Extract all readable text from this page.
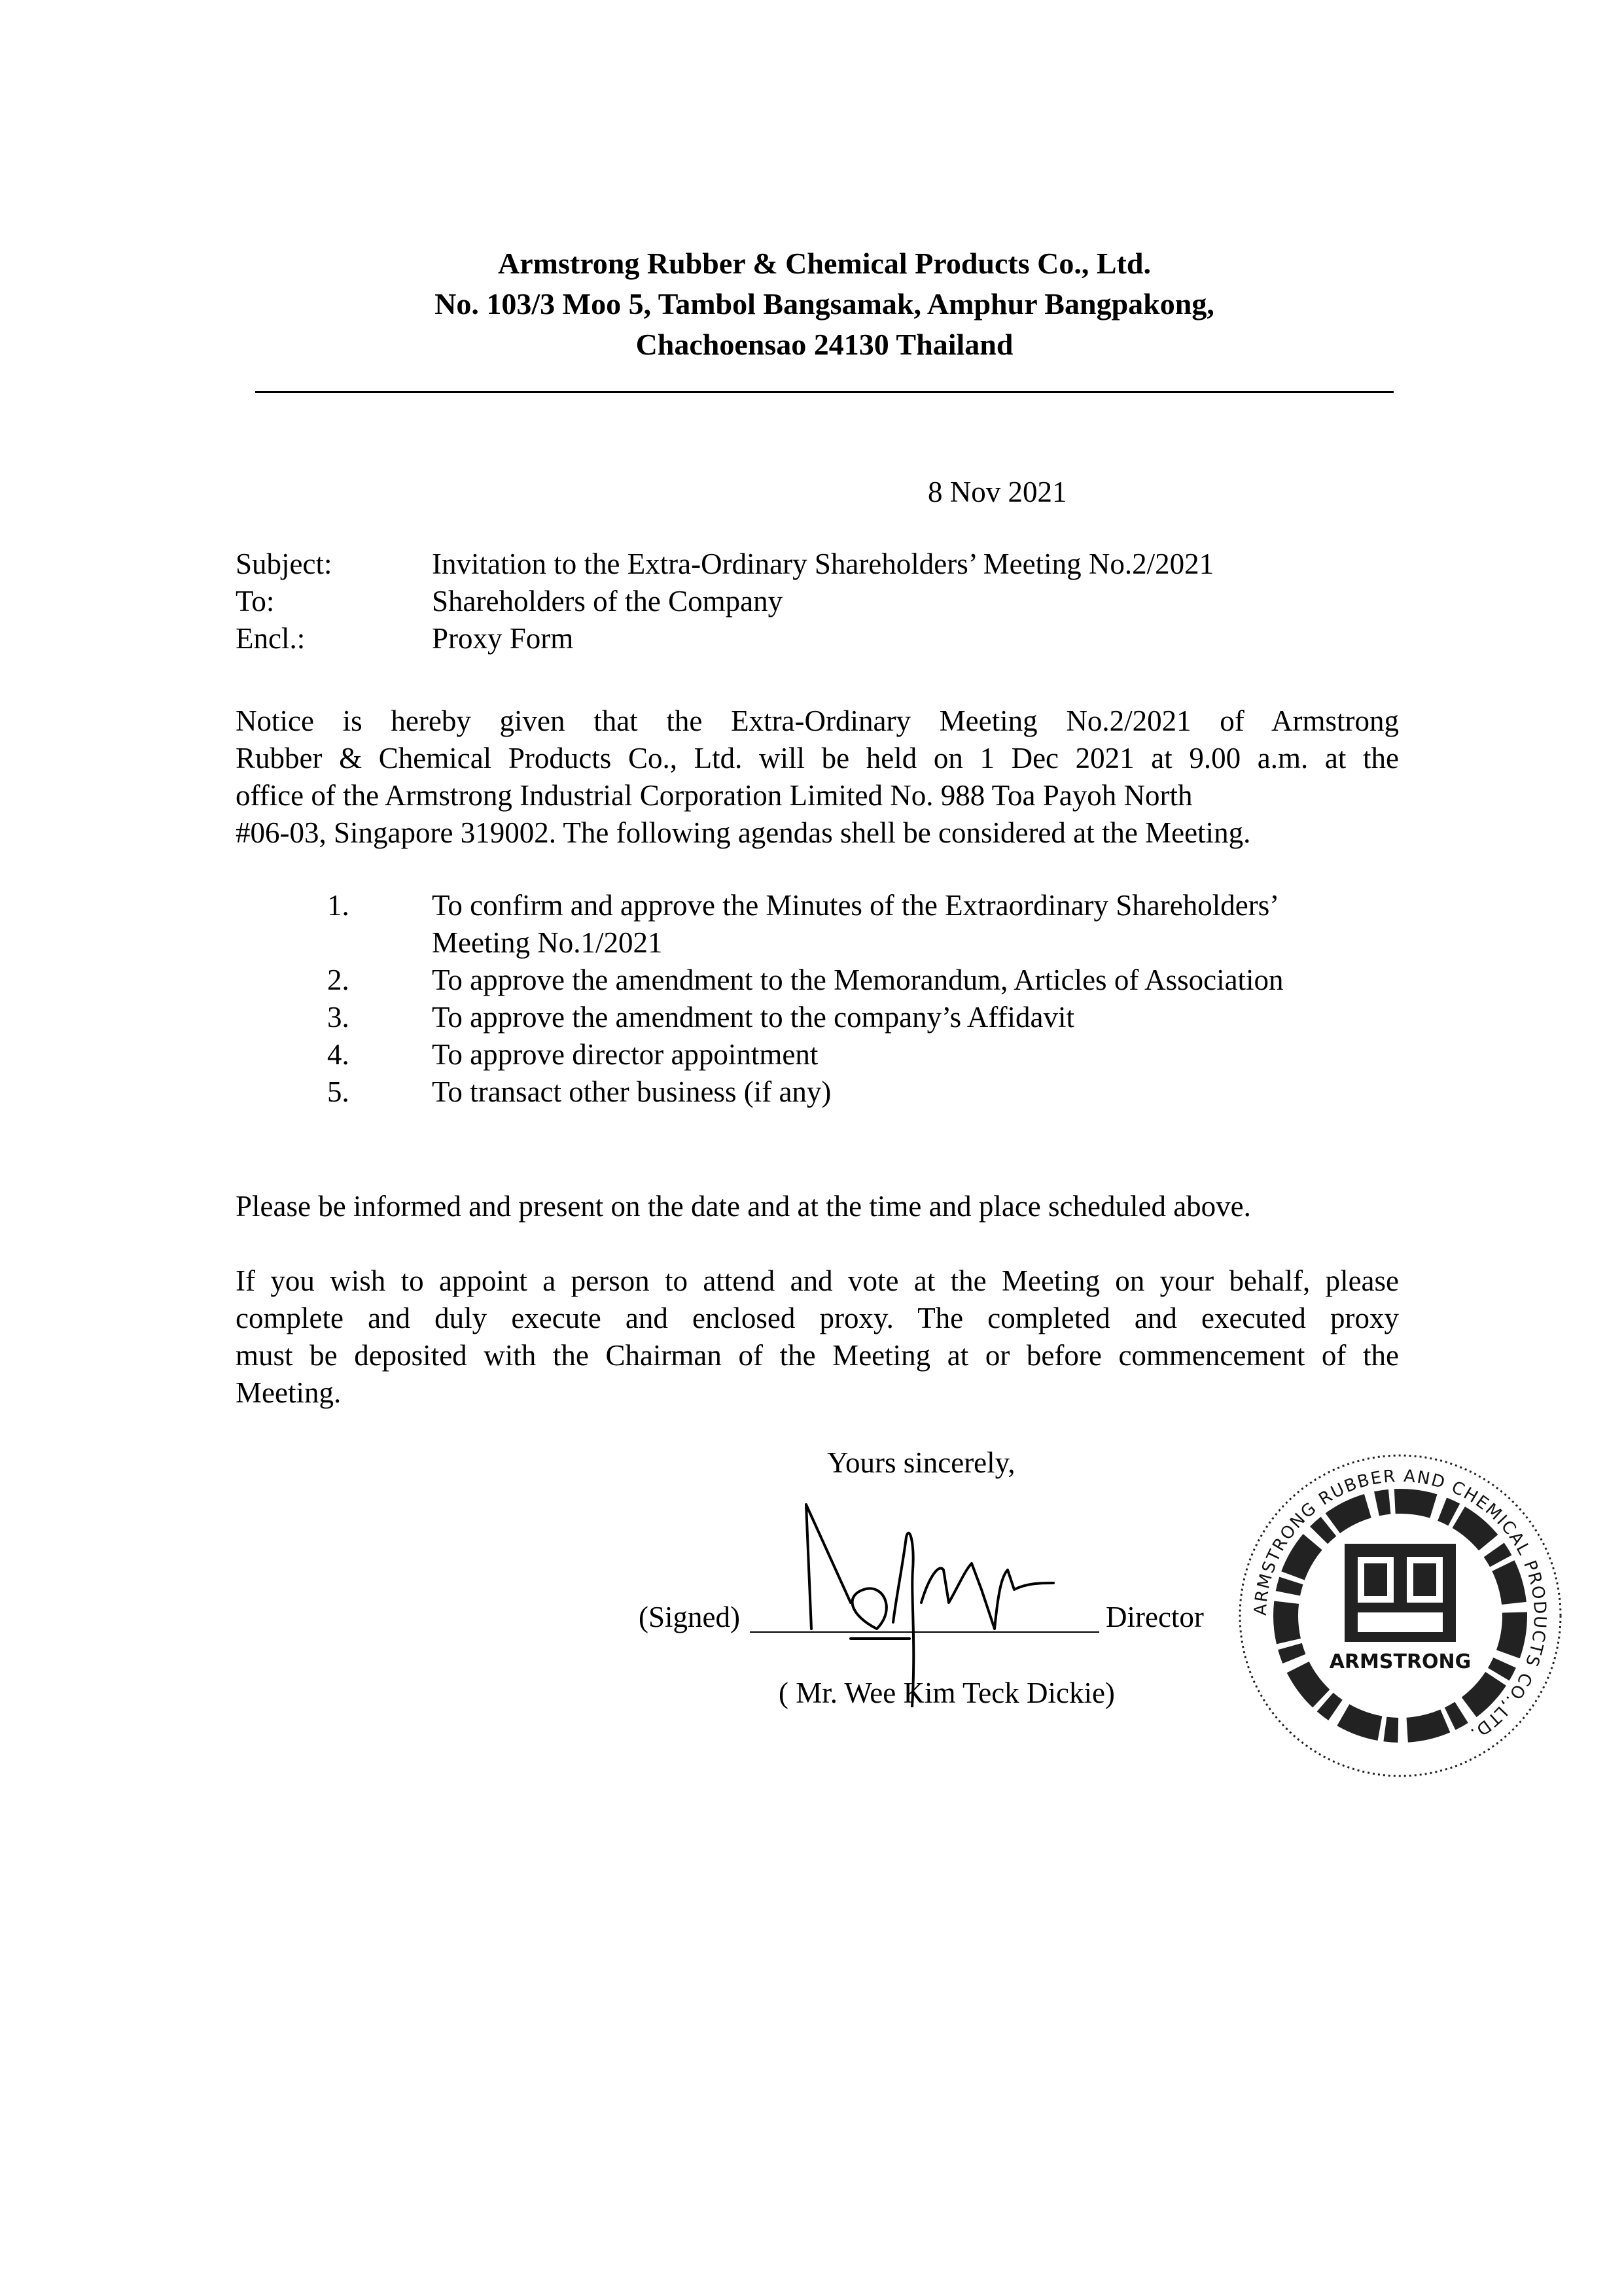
Armstrong Rubber & Chemical Products Co., Ltd.
No. 103/3 Moo 5, Tambol Bangsamak, Amphur Bangpakong,
Chachoensao 24130 Thailand
8 Nov 2021
Subject:	Invitation to the Extra-Ordinary Shareholders’ Meeting No.2/2021
To:	Shareholders of the Company
Encl.:	Proxy Form
Notice is hereby given that the Extra-Ordinary Meeting No.2/2021 of Armstrong
Rubber & Chemical Products Co., Ltd. will be held on 1 Dec 2021 at 9.00 a.m. at the
office of the Armstrong Industrial Corporation Limited No. 988 Toa Payoh North
#06-03, Singapore 319002. The following agendas shell be considered at the Meeting.
1.	To confirm and approve the Minutes of the Extraordinary Shareholders’
Meeting No.1/2021
2.	To approve the amendment to the Memorandum, Articles of Association
3.	To approve the amendment to the company’s Affidavit
4.	To approve director appointment
5.	To transact other business (if any)
Please be informed and present on the date and at the time and place scheduled above.
If you wish to appoint a person to attend and vote at the Meeting on your behalf, please
complete and duly execute and enclosed proxy. The completed and executed proxy
must be deposited with the Chairman of the Meeting at or before commencement of the
Meeting.
Yours sincerely,
(Signed)	Director
( Mr. Wee Kim Teck Dickie)
ARMSTRONG RUBBER AND CHEMICAL PRODUCTS CO.,LTD.
ARMSTRONG
